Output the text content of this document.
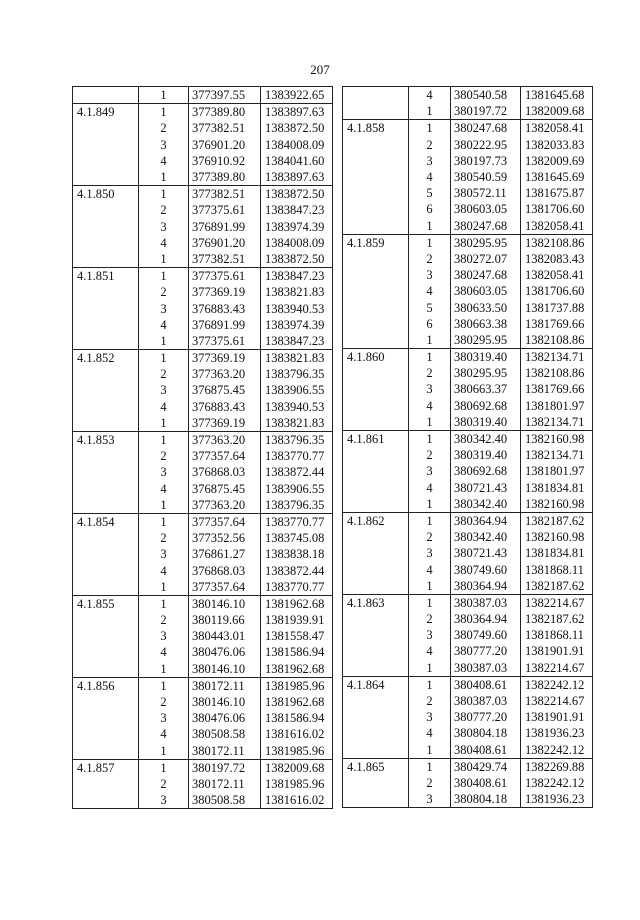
207
	1	377397.55	1383922.65
4.1.849	1	377389.80	1383897.63
	2	377382.51	1383872.50
	3	376901.20	1384008.09
	4	376910.92	1384041.60
	1	377389.80	1383897.63
4.1.850	1	377382.51	1383872.50
	2	377375.61	1383847.23
	3	376891.99	1383974.39
	4	376901.20	1384008.09
	1	377382.51	1383872.50
4.1.851	1	377375.61	1383847.23
	2	377369.19	1383821.83
	3	376883.43	1383940.53
	4	376891.99	1383974.39
	1	377375.61	1383847.23
4.1.852	1	377369.19	1383821.83
	2	377363.20	1383796.35
	3	376875.45	1383906.55
	4	376883.43	1383940.53
	1	377369.19	1383821.83
4.1.853	1	377363.20	1383796.35
	2	377357.64	1383770.77
	3	376868.03	1383872.44
	4	376875.45	1383906.55
	1	377363.20	1383796.35
4.1.854	1	377357.64	1383770.77
	2	377352.56	1383745.08
	3	376861.27	1383838.18
	4	376868.03	1383872.44
	1	377357.64	1383770.77
4.1.855	1	380146.10	1381962.68
	2	380119.66	1381939.91
	3	380443.01	1381558.47
	4	380476.06	1381586.94
	1	380146.10	1381962.68
4.1.856	1	380172.11	1381985.96
	2	380146.10	1381962.68
	3	380476.06	1381586.94
	4	380508.58	1381616.02
	1	380172.11	1381985.96
4.1.857	1	380197.72	1382009.68
	2	380172.11	1381985.96
	3	380508.58	1381616.02
	4	380540.58	1381645.68
	1	380197.72	1382009.68
4.1.858	1	380247.68	1382058.41
	2	380222.95	1382033.83
	3	380197.73	1382009.69
	4	380540.59	1381645.69
	5	380572.11	1381675.87
	6	380603.05	1381706.60
	1	380247.68	1382058.41
4.1.859	1	380295.95	1382108.86
	2	380272.07	1382083.43
	3	380247.68	1382058.41
	4	380603.05	1381706.60
	5	380633.50	1381737.88
	6	380663.38	1381769.66
	1	380295.95	1382108.86
4.1.860	1	380319.40	1382134.71
	2	380295.95	1382108.86
	3	380663.37	1381769.66
	4	380692.68	1381801.97
	1	380319.40	1382134.71
4.1.861	1	380342.40	1382160.98
	2	380319.40	1382134.71
	3	380692.68	1381801.97
	4	380721.43	1381834.81
	1	380342.40	1382160.98
4.1.862	1	380364.94	1382187.62
	2	380342.40	1382160.98
	3	380721.43	1381834.81
	4	380749.60	1381868.11
	1	380364.94	1382187.62
4.1.863	1	380387.03	1382214.67
	2	380364.94	1382187.62
	3	380749.60	1381868.11
	4	380777.20	1381901.91
	1	380387.03	1382214.67
4.1.864	1	380408.61	1382242.12
	2	380387.03	1382214.67
	3	380777.20	1381901.91
	4	380804.18	1381936.23
	1	380408.61	1382242.12
4.1.865	1	380429.74	1382269.88
	2	380408.61	1382242.12
	3	380804.18	1381936.23
